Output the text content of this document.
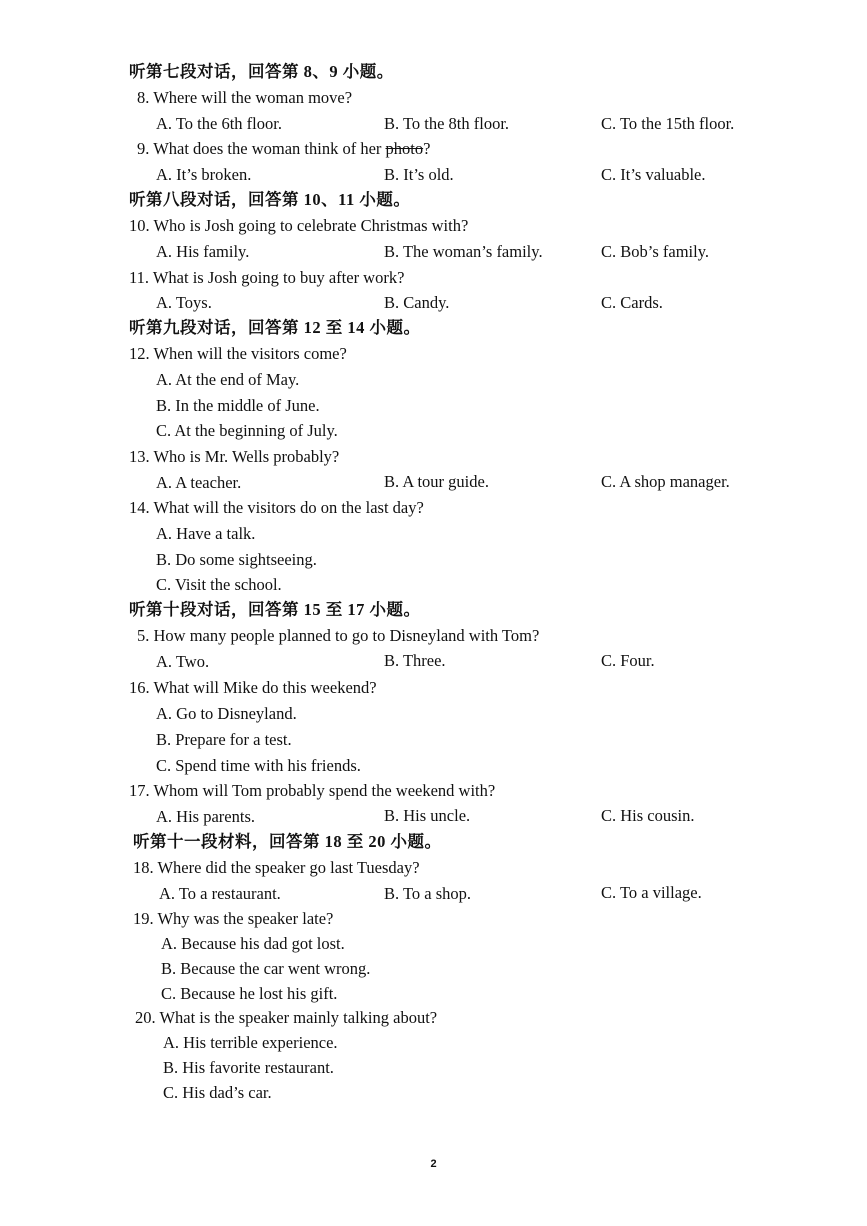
听第七段对话，回答第 8、9 小题。
8. Where will the woman move?
A. To the 6th floor.	B. To the 8th floor.	C. To the 15th floor.
9. What does the woman think of her photo?
A. It’s broken.	B. It’s old.	C. It’s valuable.
听第八段对话，回答第 10、11 小题。
10. Who is Josh going to celebrate Christmas with?
A. His family.	B. The woman’s family.	C. Bob’s family.
11. What is Josh going to buy after work?
A. Toys.	B. Candy.	C. Cards.
听第九段对话，回答第 12 至 14 小题。
12. When will the visitors come?
A. At the end of May.
B. In the middle of June.
C. At the beginning of July.
13. Who is Mr. Wells probably?
A. A teacher.	B. A tour guide.	C. A shop manager.
14. What will the visitors do on the last day?
A. Have a talk.
B. Do some sightseeing.
C. Visit the school.
听第十段对话，回答第 15 至 17 小题。
5. How many people planned to go to Disneyland with Tom?
A. Two.	B. Three.	C. Four.
16. What will Mike do this weekend?
A. Go to Disneyland.
B. Prepare for a test.
C. Spend time with his friends.
17. Whom will Tom probably spend the weekend with?
A. His parents.	B. His uncle.	C. His cousin.
听第十一段材料，回答第 18 至 20 小题。
18. Where did the speaker go last Tuesday?
A. To a restaurant.	B. To a shop.	C. To a village.
19. Why was the speaker late?
A. Because his dad got lost.
B. Because the car went wrong.
C. Because he lost his gift.
20. What is the speaker mainly talking about?
A. His terrible experience.
B. His favorite restaurant.
C. His dad’s car.
2
